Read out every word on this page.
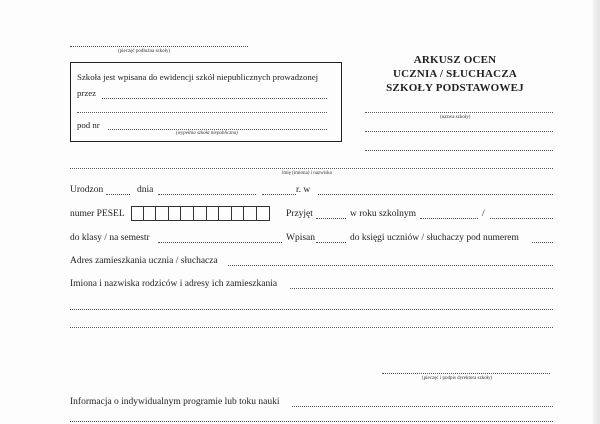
(pieczęć podłużna szkoły)
Szkoła jest wpisana do ewidencji szkół niepublicznych prowadzonej
przez
pod nr
(wypełnia szkoła niepubliczna)
ARKUSZ OCEN
UCZNIA / SŁUCHACZA
SZKOŁY PODSTAWOWEJ
(nazwa szkoły)
imię (imiona) i nazwisko
Urodzon	dnia	r. w
numer PESEL	Przyjęt	w roku szkolnym	/
do klasy / na semestr	Wpisan	do księgi uczniów / słuchaczy pod numerem
Adres zamieszkania ucznia / słuchacza
Imiona i nazwiska rodziców i adresy ich zamieszkania
(pieczęć i podpis dyrektora szkoły)
Informacja o indywidualnym programie lub toku nauki
